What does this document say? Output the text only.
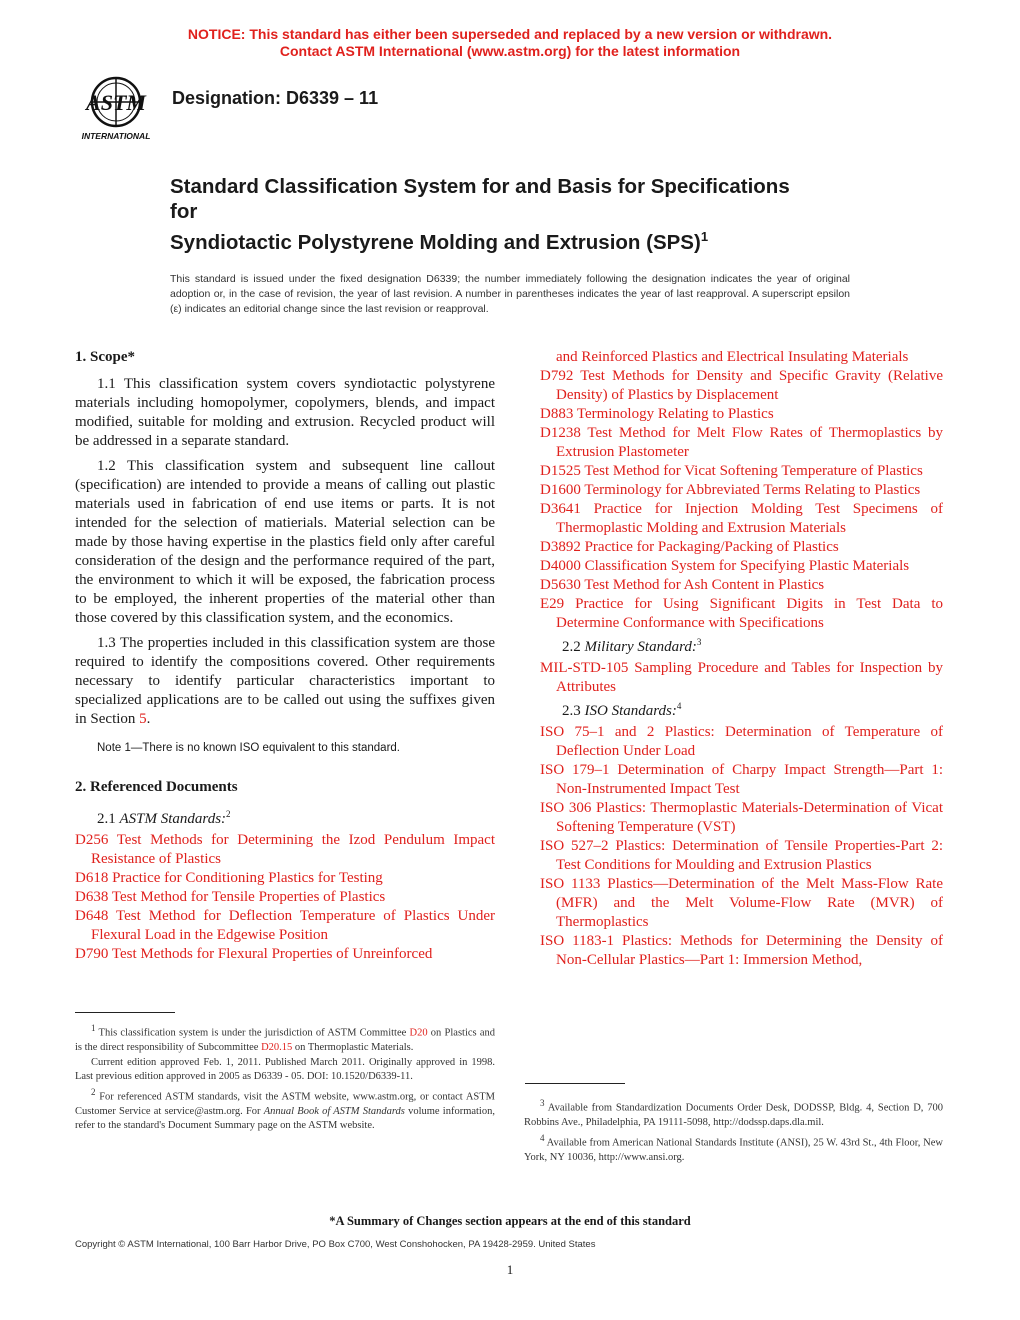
NOTICE: This standard has either been superseded and replaced by a new version or withdrawn.
Contact ASTM International (www.astm.org) for the latest information
ASTM
INTERNATIONAL
Designation: D6339 – 11
Standard Classification System for and Basis for Specifications
for
Syndiotactic Polystyrene Molding and Extrusion (SPS)$^1$
This standard is issued under the fixed designation D6339; the number immediately following the designation indicates the year of original adoption or, in the case of revision, the year of last revision. A number in parentheses indicates the year of last reapproval. A superscript epsilon (ε) indicates an editorial change since the last revision or reapproval.
1. Scope*

1.1 This classification system covers syndiotactic polystyrene materials including homopolymer, copolymers, blends, and impact modified, suitable for molding and extrusion. Recycled product will be addressed in a separate standard.

1.2 This classification system and subsequent line callout (specification) are intended to provide a means of calling out plastic materials used in fabrication of end use items or parts. It is not intended for the selection of matierials. Material selection can be made by those having expertise in the plastics field only after careful consideration of the design and the performance required of the part, the environment to which it will be exposed, the fabrication process to be employed, the inherent properties of the material other than those covered by this classification system, and the economics.

1.3 The properties included in this classification system are those required to identify the compositions covered. Other requirements necessary to identify particular characteristics important to specialized applications are to be called out using the suffixes given in Section 5.

Note 1—There is no known ISO equivalent to this standard.
2. Referenced Documents
2.1 ASTM Standards:$^2$
D256 Test Methods for Determining the Izod Pendulum Impact Resistance of Plastics
D618 Practice for Conditioning Plastics for Testing
D638 Test Method for Tensile Properties of Plastics
D648 Test Method for Deflection Temperature of Plastics Under Flexural Load in the Edgewise Position
D790 Test Methods for Flexural Properties of Unreinforced
and Reinforced Plastics and Electrical Insulating Materials
D792 Test Methods for Density and Specific Gravity (Relative Density) of Plastics by Displacement
D883 Terminology Relating to Plastics
D1238 Test Method for Melt Flow Rates of Thermoplastics by Extrusion Plastometer
D1525 Test Method for Vicat Softening Temperature of Plastics
D1600 Terminology for Abbreviated Terms Relating to Plastics
D3641 Practice for Injection Molding Test Specimens of Thermoplastic Molding and Extrusion Materials
D3892 Practice for Packaging/Packing of Plastics
D4000 Classification System for Specifying Plastic Materials
D5630 Test Method for Ash Content in Plastics
E29 Practice for Using Significant Digits in Test Data to Determine Conformance with Specifications
2.2 Military Standard:$^3$
MIL-STD-105 Sampling Procedure and Tables for Inspection by Attributes
2.3 ISO Standards:$^4$
ISO 75–1 and 2 Plastics: Determination of Temperature of Deflection Under Load
ISO 179–1 Determination of Charpy Impact Strength—Part 1: Non-Instrumented Impact Test
ISO 306 Plastics: Thermoplastic Materials-Determination of Vicat Softening Temperature (VST)
ISO 527–2 Plastics: Determination of Tensile Properties-Part 2: Test Conditions for Moulding and Extrusion Plastics
ISO 1133 Plastics—Determination of the Melt Mass-Flow Rate (MFR) and the Melt Volume-Flow Rate (MVR) of Thermoplastics
ISO 1183-1 Plastics: Methods for Determining the Density of Non-Cellular Plastics—Part 1: Immersion Method,
$^1$ This classification system is under the jurisdiction of ASTM Committee D20 on Plastics and is the direct responsibility of Subcommittee D20.15 on Thermoplastic Materials.
Current edition approved Feb. 1, 2011. Published March 2011. Originally approved in 1998. Last previous edition approved in 2005 as D6339 - 05. DOI: 10.1520/D6339-11.
$^2$ For referenced ASTM standards, visit the ASTM website, www.astm.org, or contact ASTM Customer Service at service@astm.org. For Annual Book of ASTM Standards volume information, refer to the standard's Document Summary page on the ASTM website.
$^3$ Available from Standardization Documents Order Desk, DODSSP, Bldg. 4, Section D, 700 Robbins Ave., Philadelphia, PA 19111-5098, http://dodssp.daps.dla.mil.
$^4$ Available from American National Standards Institute (ANSI), 25 W. 43rd St., 4th Floor, New York, NY 10036, http://www.ansi.org.
*A Summary of Changes section appears at the end of this standard
Copyright © ASTM International, 100 Barr Harbor Drive, PO Box C700, West Conshohocken, PA 19428-2959. United States
1
